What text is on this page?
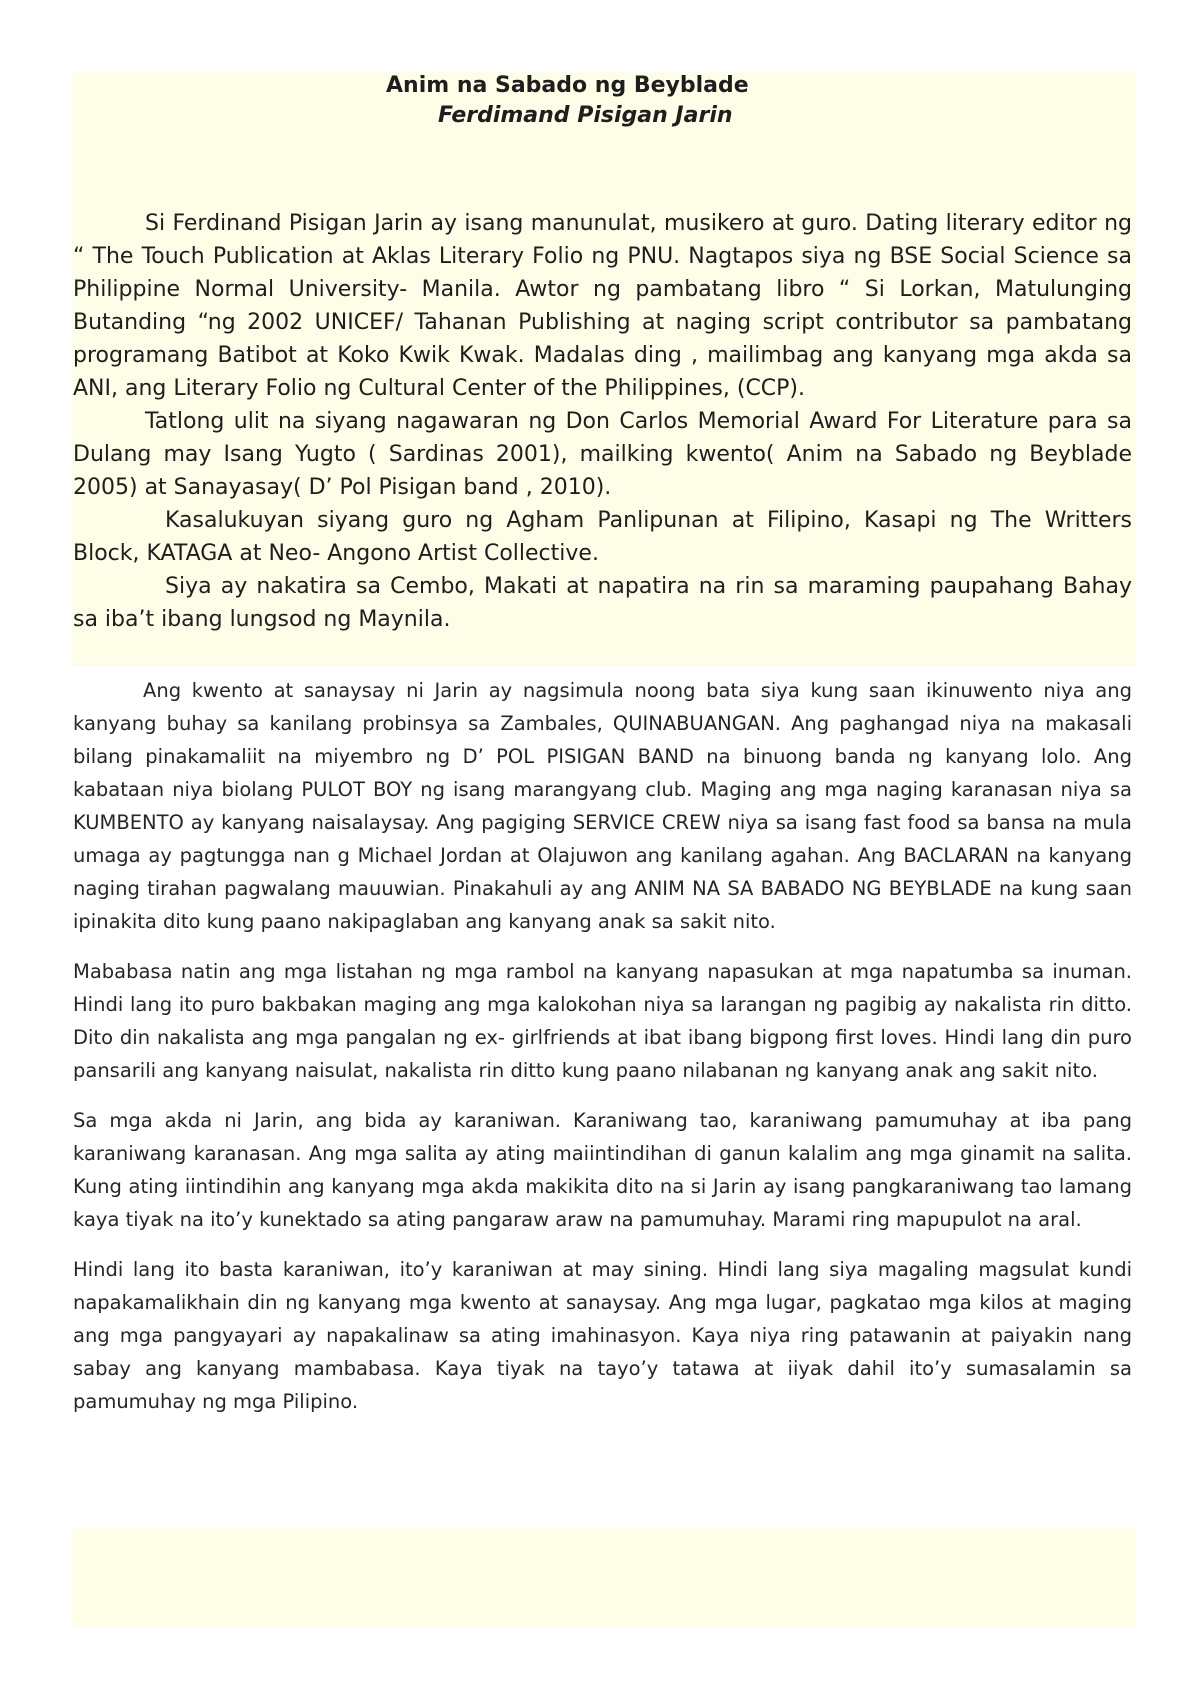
Anim na Sabado ng Beyblade
Ferdimand Pisigan Jarin

Si Ferdinand Pisigan Jarin ay isang manunulat, musikero at guro. Dating literary editor ng “ The Touch Publication at Aklas Literary Folio ng PNU. Nagtapos siya ng BSE Social Science sa Philippine Normal University- Manila. Awtor ng pambatang libro “ Si Lorkan, Matulunging Butanding “ng 2002 UNICEF/ Tahanan Publishing at naging script contributor sa pambatang programang Batibot at Koko Kwik Kwak. Madalas ding , mailimbag ang kanyang mga akda sa ANI, ang Literary Folio ng Cultural Center of the Philippines, (CCP).

Tatlong ulit na siyang nagawaran ng Don Carlos Memorial Award For Literature para sa Dulang may Isang Yugto ( Sardinas 2001), mailking kwento( Anim na Sabado ng Beyblade 2005) at Sanayasay( D’ Pol Pisigan band , 2010).

Kasalukuyan siyang guro ng Agham Panlipunan at Filipino, Kasapi ng The Writters Block, KATAGA at Neo- Angono Artist Collective.

Siya ay nakatira sa Cembo, Makati at napatira na rin sa maraming paupahang Bahay sa iba’t ibang lungsod ng Maynila.

Ang kwento at sanaysay ni Jarin ay nagsimula noong bata siya kung saan ikinuwento niya ang kanyang buhay sa kanilang probinsya sa Zambales, QUINABUANGAN. Ang paghangad niya na makasali bilang pinakamaliit na miyembro ng D’ POL PISIGAN BAND na binuong banda ng kanyang lolo. Ang kabataan niya biolang PULOT BOY ng isang marangyang club. Maging ang mga naging karanasan niya sa KUMBENTO ay kanyang naisalaysay. Ang pagiging SERVICE CREW niya sa isang fast food sa bansa na mula umaga ay pagtungga nan g Michael Jordan at Olajuwon ang kanilang agahan. Ang BACLARAN na kanyang naging tirahan pagwalang mauuwian. Pinakahuli ay ang ANIM NA SA BABADO NG BEYBLADE na kung saan ipinakita dito kung paano nakipaglaban ang kanyang anak sa sakit nito.

Mababasa natin ang mga listahan ng mga rambol na kanyang napasukan at mga napatumba sa inuman. Hindi lang ito puro bakbakan maging ang mga kalokohan niya sa larangan ng pagibig ay nakalista rin ditto. Dito din nakalista ang mga pangalan ng ex- girlfriends at ibat ibang bigpong first loves. Hindi lang din puro pansarili ang kanyang naisulat, nakalista rin ditto kung paano nilabanan ng kanyang anak ang sakit nito.

Sa mga akda ni Jarin, ang bida ay karaniwan. Karaniwang tao, karaniwang pamumuhay at iba pang karaniwang karanasan. Ang mga salita ay ating maiintindihan di ganun kalalim ang mga ginamit na salita. Kung ating iintindihin ang kanyang mga akda makikita dito na si Jarin ay isang pangkaraniwang tao lamang kaya tiyak na ito’y kunektado sa ating pangaraw araw na pamumuhay. Marami ring mapupulot na aral.

Hindi lang ito basta karaniwan, ito’y karaniwan at may sining. Hindi lang siya magaling magsulat kundi napakamalikhain din ng kanyang mga kwento at sanaysay. Ang mga lugar, pagkatao mga kilos at maging ang mga pangyayari ay napakalinaw sa ating imahinasyon. Kaya niya ring patawanin at paiyakin nang sabay ang kanyang mambabasa. Kaya tiyak na tayo’y tatawa at iiyak dahil ito’y sumasalamin sa pamumuhay ng mga Pilipino.
